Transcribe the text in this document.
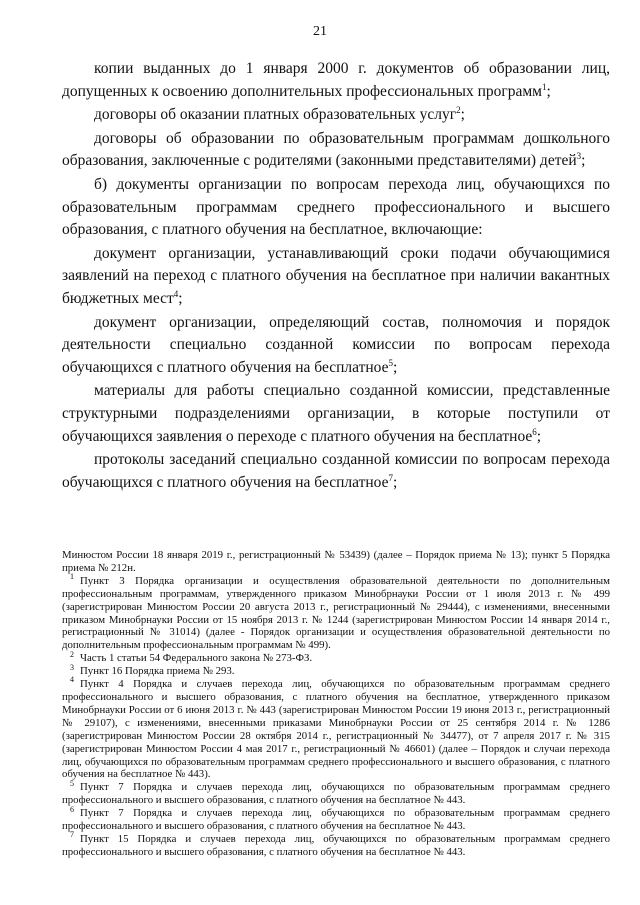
21

копии выданных до 1 января 2000 г. документов об образовании лиц, допущенных к освоению дополнительных профессиональных программ$^1$;

договоры об оказании платных образовательных услуг$^2$;

договоры об образовании по образовательным программам дошкольного образования, заключенные с родителями (законными представителями) детей$^3$;

б) документы организации по вопросам перехода лиц, обучающихся по образовательным программам среднего профессионального и высшего образования, с платного обучения на бесплатное, включающие:

документ организации, устанавливающий сроки подачи обучающимися заявлений на переход с платного обучения на бесплатное при наличии вакантных бюджетных мест$^4$;

документ организации, определяющий состав, полномочия и порядок деятельности специально созданной комиссии по вопросам перехода обучающихся с платного обучения на бесплатное$^5$;

материалы для работы специально созданной комиссии, представленные структурными подразделениями организации, в которые поступили от обучающихся заявления о переходе с платного обучения на бесплатное$^6$;

протоколы заседаний специально созданной комиссии по вопросам перехода обучающихся с платного обучения на бесплатное$^7$;

Минюстом России 18 января 2019 г., регистрационный № 53439) (далее – Порядок приема № 13); пункт 5 Порядка приема № 212н.

$^1$ Пункт 3 Порядка организации и осуществления образовательной деятельности по дополнительным профессиональным программам, утвержденного приказом Минобрнауки России от 1 июля 2013 г. № 499 (зарегистрирован Минюстом России 20 августа 2013 г., регистрационный № 29444), с изменениями, внесенными приказом Минобрнауки России от 15 ноября 2013 г. № 1244 (зарегистрирован Минюстом России 14 января 2014 г., регистрационный № 31014) (далее - Порядок организации и осуществления образовательной деятельности по дополнительным профессиональным программам № 499).

$^2$ Часть 1 статьи 54 Федерального закона № 273-ФЗ.

$^3$ Пункт 16 Порядка приема № 293.

$^4$ Пункт 4 Порядка и случаев перехода лиц, обучающихся по образовательным программам среднего профессионального и высшего образования, с платного обучения на бесплатное, утвержденного приказом Минобрнауки России от 6 июня 2013 г. № 443 (зарегистрирован Минюстом России 19 июня 2013 г., регистрационный № 29107), с изменениями, внесенными приказами Минобрнауки России от 25 сентября 2014 г. № 1286 (зарегистрирован Минюстом России 28 октября 2014 г., регистрационный № 34477), от 7 апреля 2017 г. № 315 (зарегистрирован Минюстом России 4 мая 2017 г., регистрационный № 46601) (далее – Порядок и случаи перехода лиц, обучающихся по образовательным программам среднего профессионального и высшего образования, с платного обучения на бесплатное № 443).

$^5$ Пункт 7 Порядка и случаев перехода лиц, обучающихся по образовательным программам среднего профессионального и высшего образования, с платного обучения на бесплатное № 443.

$^6$ Пункт 7 Порядка и случаев перехода лиц, обучающихся по образовательным программам среднего профессионального и высшего образования, с платного обучения на бесплатное № 443.

$^7$ Пункт 15 Порядка и случаев перехода лиц, обучающихся по образовательным программам среднего профессионального и высшего образования, с платного обучения на бесплатное № 443.
